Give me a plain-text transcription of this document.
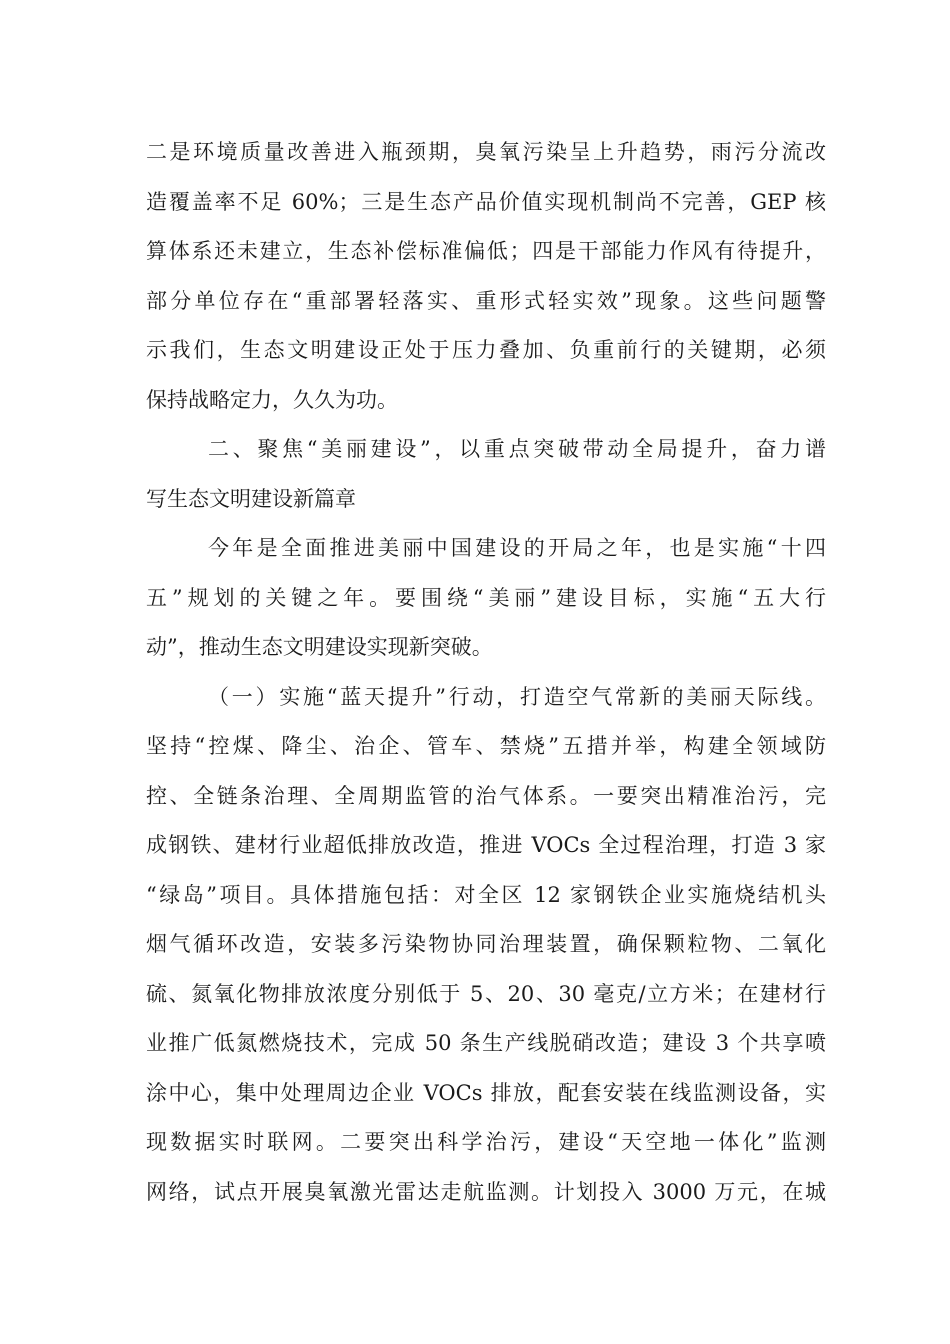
二是环境质量改善进入瓶颈期，臭氧污染呈上升趋势，雨污分流改
造覆盖率不足 60%；三是生态产品价值实现机制尚不完善，GEP 核
算体系还未建立，生态补偿标准偏低；四是干部能力作风有待提升，
部分单位存在“重部署轻落实、重形式轻实效”现象。这些问题警
示我们，生态文明建设正处于压力叠加、负重前行的关键期，必须
保持战略定力，久久为功。
二、聚焦“美丽建设”，以重点突破带动全局提升，奋力谱
写生态文明建设新篇章
今年是全面推进美丽中国建设的开局之年，也是实施“十四
五”规划的关键之年。要围绕“美丽”建设目标，实施“五大行
动”，推动生态文明建设实现新突破。
（一）实施“蓝天提升”行动，打造空气常新的美丽天际线。
坚持“控煤、降尘、治企、管车、禁烧”五措并举，构建全领域防
控、全链条治理、全周期监管的治气体系。一要突出精准治污，完
成钢铁、建材行业超低排放改造，推进 VOCs 全过程治理，打造 3 家
“绿岛”项目。具体措施包括：对全区 12 家钢铁企业实施烧结机头
烟气循环改造，安装多污染物协同治理装置，确保颗粒物、二氧化
硫、氮氧化物排放浓度分别低于 5、20、30 毫克/立方米；在建材行
业推广低氮燃烧技术，完成 50 条生产线脱硝改造；建设 3 个共享喷
涂中心，集中处理周边企业 VOCs 排放，配套安装在线监测设备，实
现数据实时联网。二要突出科学治污，建设“天空地一体化”监测
网络，试点开展臭氧激光雷达走航监测。计划投入 3000 万元，在城
